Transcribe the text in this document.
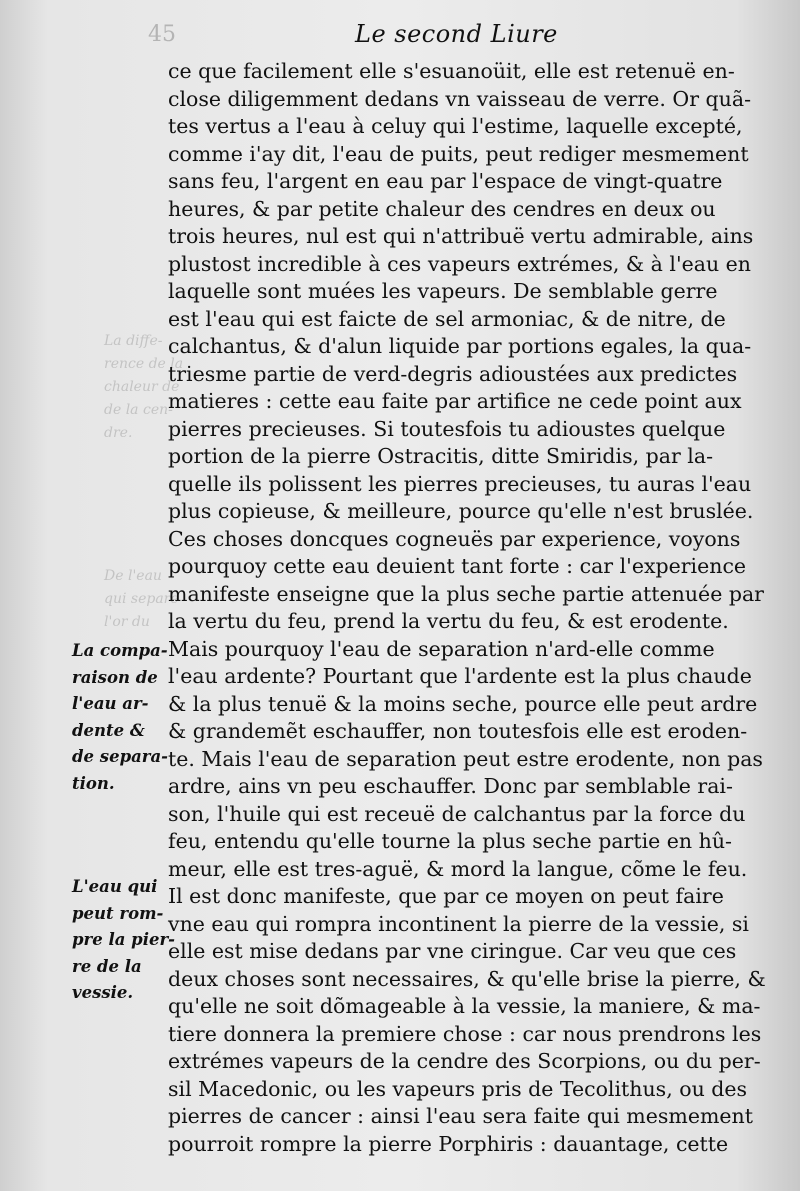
45	Le second Liure
La diffe-
rence de la
chaleur de
de la cen-
dre.
De l'eau
qui separe
l'or du
La compa-
raison de
l'eau ar-
dente &
de separa-
tion.
L'eau qui
peut rom-
pre la pier-
re de la
vessie.
ce que facilement elle s'esuanoüit, elle est retenuë en-
close diligemment dedans vn vaisseau de verre. Or quã-
tes vertus a l'eau à celuy qui l'estime, laquelle excepté,
comme i'ay dit, l'eau de puits, peut rediger mesmement
sans feu, l'argent en eau par l'espace de vingt-quatre
heures, & par petite chaleur des cendres en deux ou
trois heures, nul est qui n'attribuë vertu admirable, ains
plustost incredible à ces vapeurs extrémes, & à l'eau en
laquelle sont muées les vapeurs. De semblable gerre
est l'eau qui est faicte de sel armoniac, & de nitre, de
calchantus, & d'alun liquide par portions egales, la qua-
triesme partie de verd-degris adioustées aux predictes
matieres : cette eau faite par artifice ne cede point aux
pierres precieuses. Si toutesfois tu adioustes quelque
portion de la pierre Ostracitis, ditte Smiridis, par la-
quelle ils polissent les pierres precieuses, tu auras l'eau
plus copieuse, & meilleure, pource qu'elle n'est bruslée.
Ces choses doncques cogneuës par experience, voyons
pourquoy cette eau deuient tant forte : car l'experience
manifeste enseigne que la plus seche partie attenuée par
la vertu du feu, prend la vertu du feu, & est erodente.
Mais pourquoy l'eau de separation n'ard-elle comme
l'eau ardente? Pourtant que l'ardente est la plus chaude
& la plus tenuë & la moins seche, pource elle peut ardre
& grandemẽt eschauffer, non toutesfois elle est eroden-
te. Mais l'eau de separation peut estre erodente, non pas
ardre, ains vn peu eschauffer. Donc par semblable rai-
son, l'huile qui est receuë de calchantus par la force du
feu, entendu qu'elle tourne la plus seche partie en hû-
meur, elle est tres-aguë, & mord la langue, cõme le feu.
Il est donc manifeste, que par ce moyen on peut faire
vne eau qui rompra incontinent la pierre de la vessie, si
elle est mise dedans par vne ciringue. Car veu que ces
deux choses sont necessaires, & qu'elle brise la pierre, &
qu'elle ne soit dõmageable à la vessie, la maniere, & ma-
tiere donnera la premiere chose : car nous prendrons les
extrémes vapeurs de la cendre des Scorpions, ou du per-
sil Macedonic, ou les vapeurs pris de Tecolithus, ou des
pierres de cancer : ainsi l'eau sera faite qui mesmement
pourroit rompre la pierre Porphiris : dauantage, cette
